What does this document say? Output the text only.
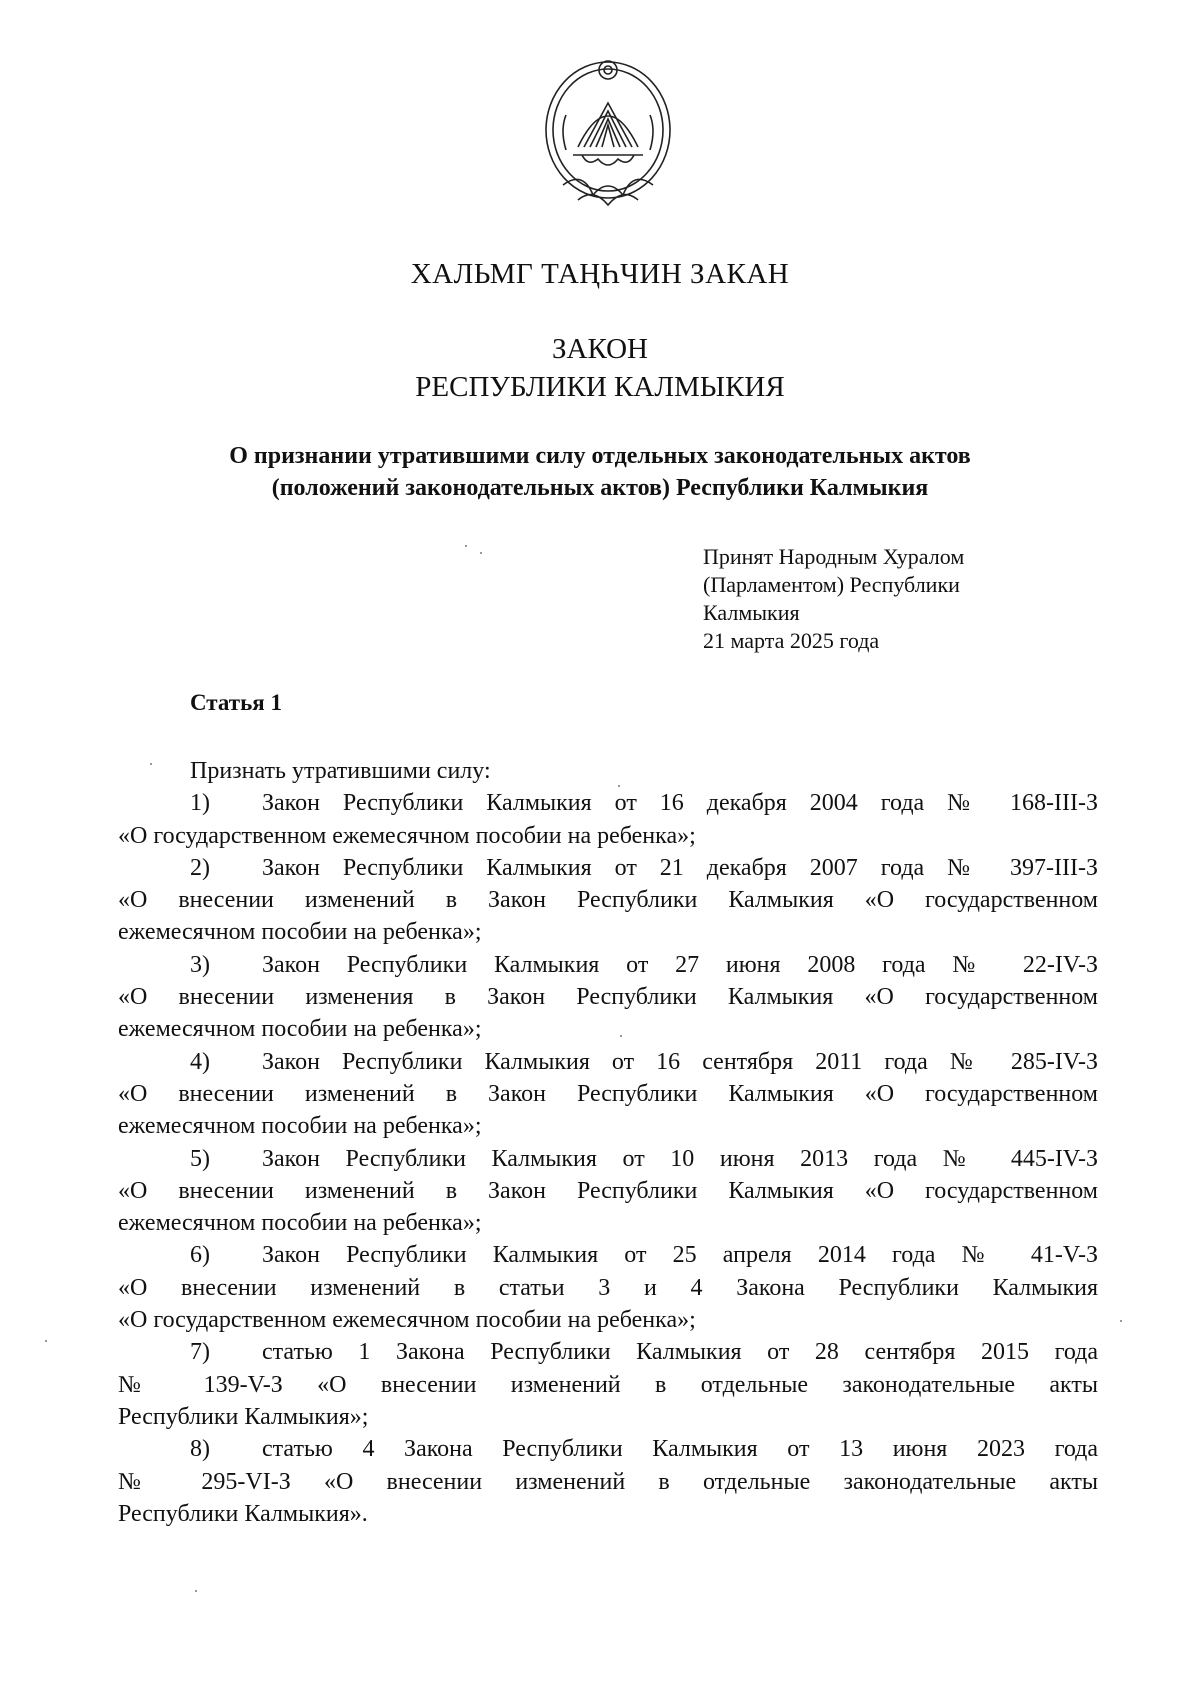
ХАЛЬМГ ТАҢҺЧИН ЗАКАН
ЗАКОН
РЕСПУБЛИКИ КАЛМЫКИЯ
О признании утратившими силу отдельных законодательных актов
(положений законодательных актов) Республики Калмыкия
Принят Народным Хуралом
(Парламентом) Республики
Калмыкия
21 марта 2025 года
Статья 1
Признать утратившими силу:
1) Закон Республики Калмыкия от 16 декабря 2004 года № 168-III-З
«О государственном ежемесячном пособии на ребенка»;
2) Закон Республики Калмыкия от 21 декабря 2007 года № 397-III-З
«О внесении изменений в Закон Республики Калмыкия «О государственном
ежемесячном пособии на ребенка»;
3) Закон Республики Калмыкия от 27 июня 2008 года № 22-IV-З
«О внесении изменения в Закон Республики Калмыкия «О государственном
ежемесячном пособии на ребенка»;
4) Закон Республики Калмыкия от 16 сентября 2011 года № 285-IV-З
«О внесении изменений в Закон Республики Калмыкия «О государственном
ежемесячном пособии на ребенка»;
5) Закон Республики Калмыкия от 10 июня 2013 года № 445-IV-З
«О внесении изменений в Закон Республики Калмыкия «О государственном
ежемесячном пособии на ребенка»;
6) Закон Республики Калмыкия от 25 апреля 2014 года № 41-V-З
«О внесении изменений в статьи 3 и 4 Закона Республики Калмыкия
«О государственном ежемесячном пособии на ребенка»;
7) статью 1 Закона Республики Калмыкия от 28 сентября 2015 года
№ 139-V-З «О внесении изменений в отдельные законодательные акты
Республики Калмыкия»;
8) статью 4 Закона Республики Калмыкия от 13 июня 2023 года
№ 295-VI-З «О внесении изменений в отдельные законодательные акты
Республики Калмыкия».
